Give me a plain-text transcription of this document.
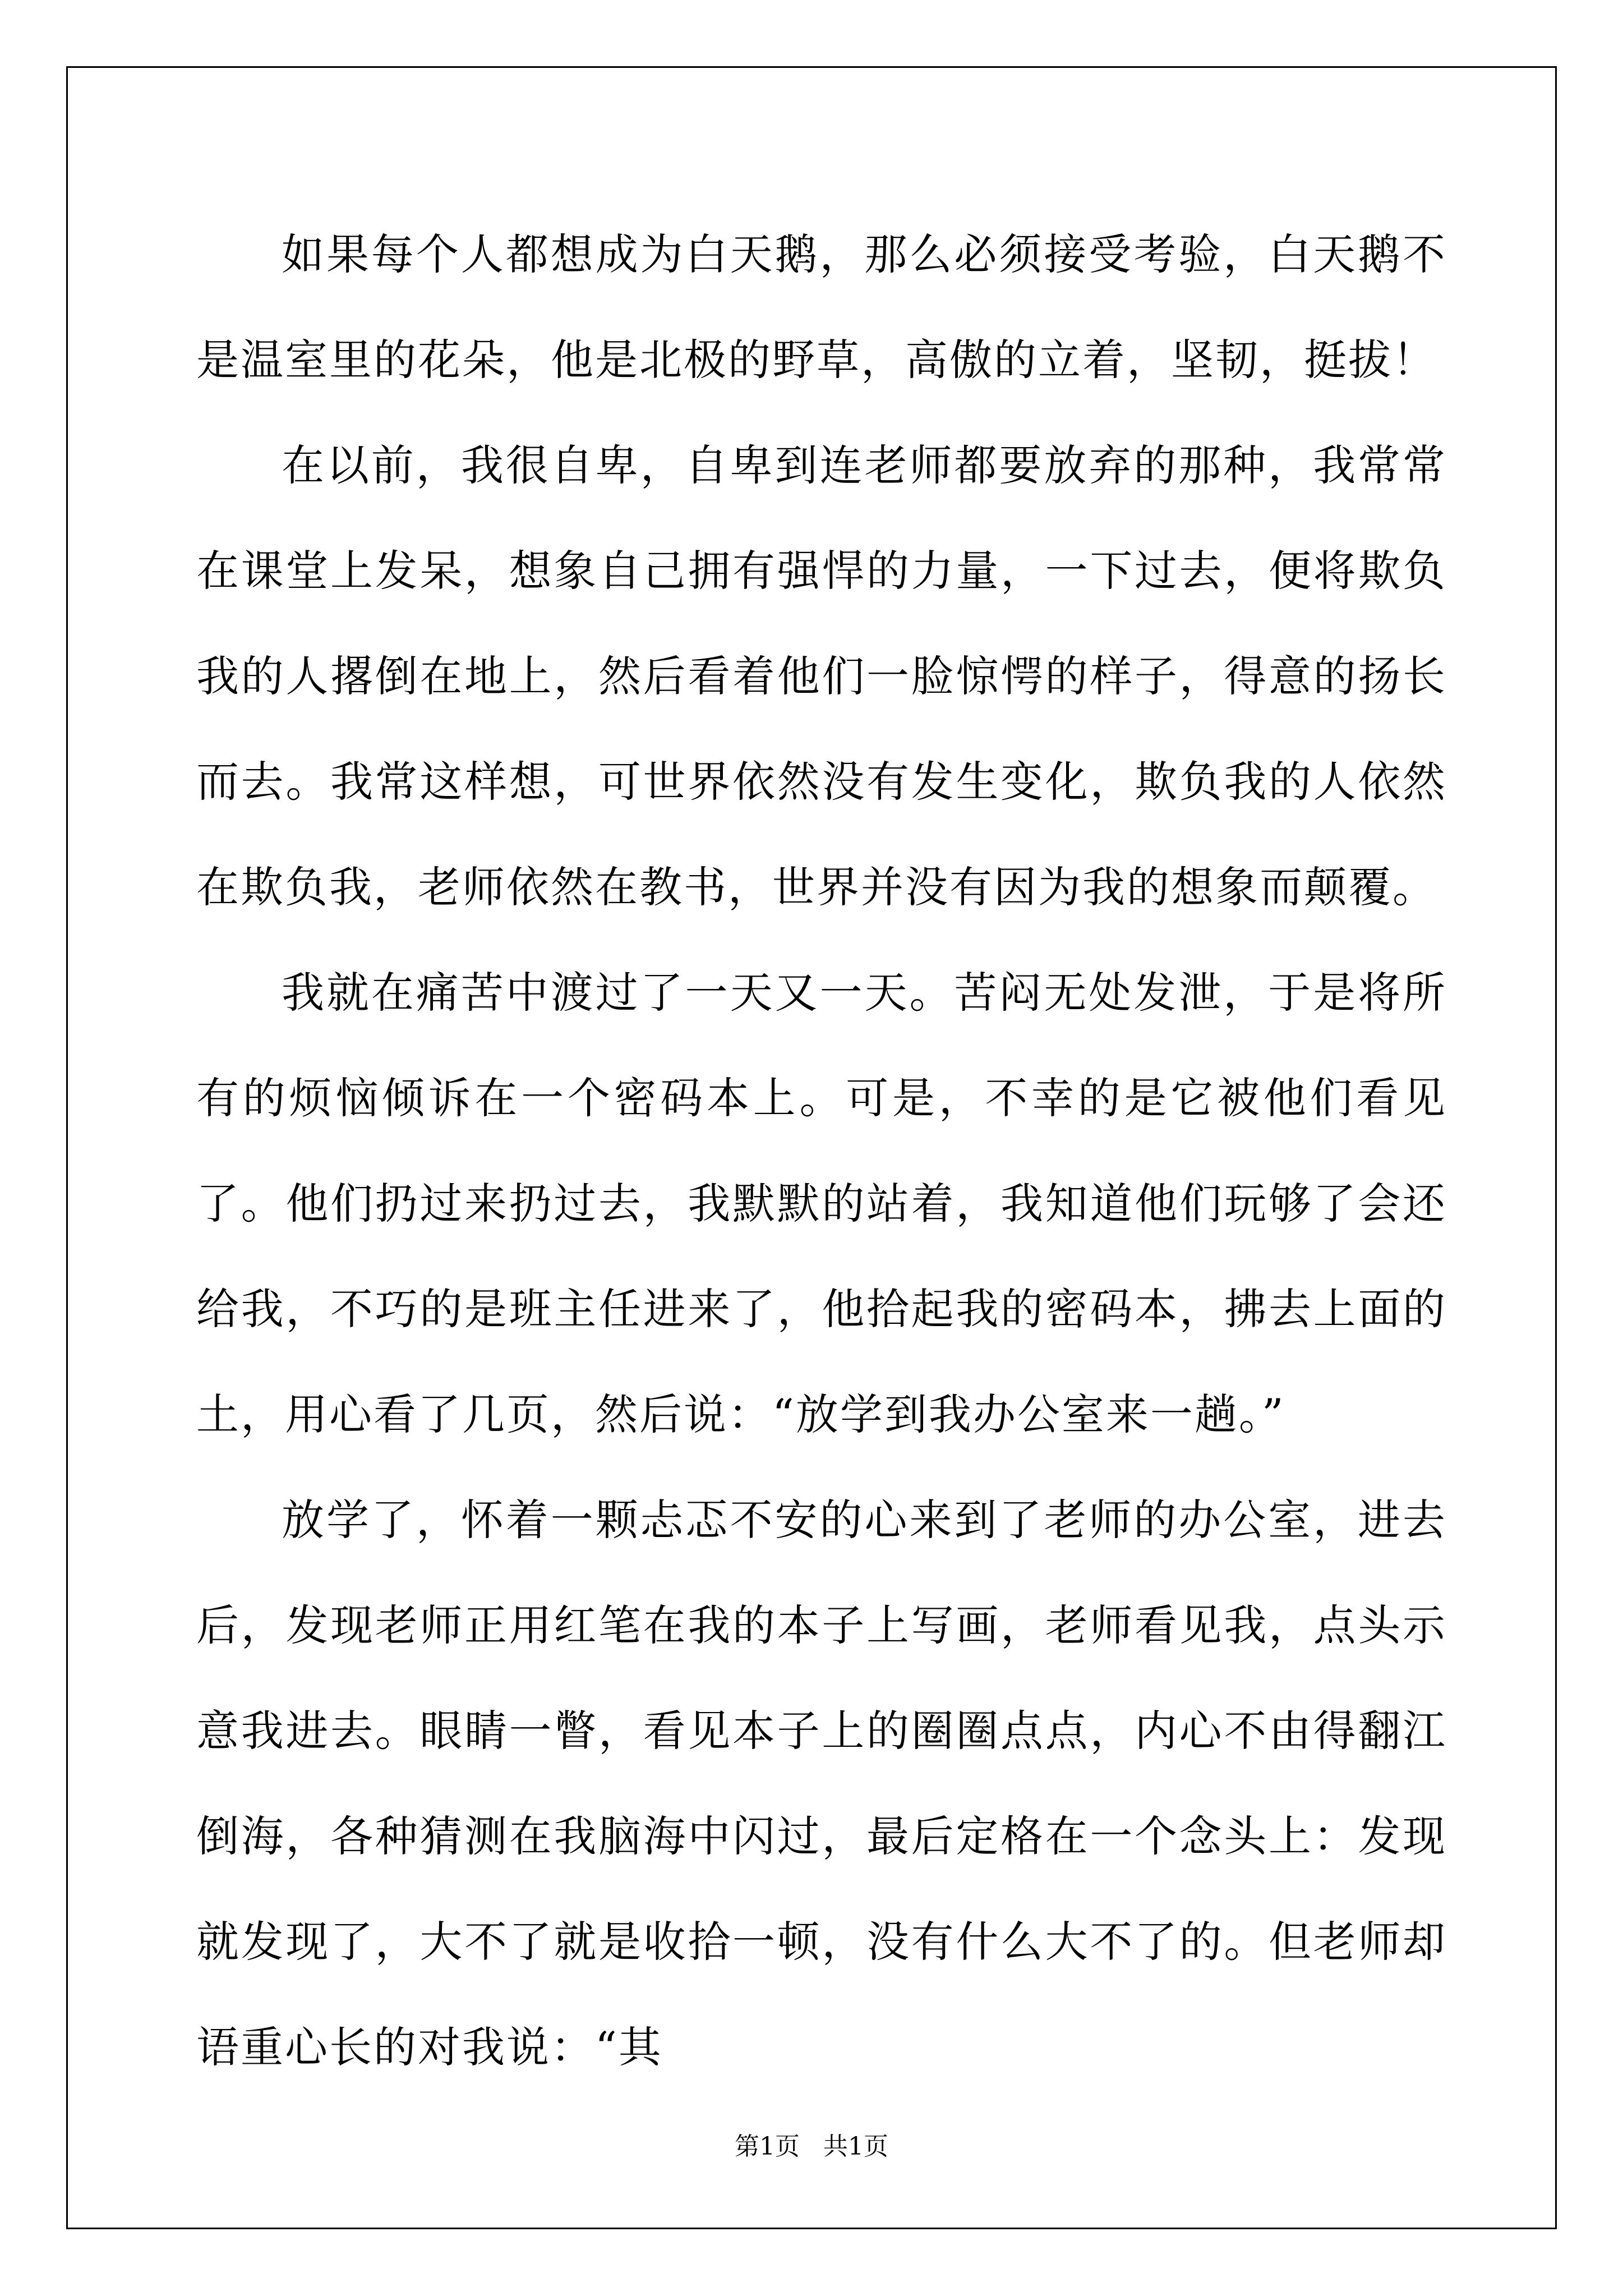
如果每个人都想成为白天鹅，那么必须接受考验，白天鹅不是温室里的花朵，他是北极的野草，高傲的立着，坚韧，挺拔！

在以前，我很自卑，自卑到连老师都要放弃的那种，我常常在课堂上发呆，想象自己拥有强悍的力量，一下过去，便将欺负我的人撂倒在地上，然后看着他们一脸惊愕的样子，得意的扬长而去。我常这样想，可世界依然没有发生变化，欺负我的人依然在欺负我，老师依然在教书，世界并没有因为我的想象而颠覆。

我就在痛苦中渡过了一天又一天。苦闷无处发泄，于是将所有的烦恼倾诉在一个密码本上。可是，不幸的是它被他们看见了。他们扔过来扔过去，我默默的站着，我知道他们玩够了会还给我，不巧的是班主任进来了，他拾起我的密码本，拂去上面的土，用心看了几页，然后说：“放学到我办公室来一趟。”

放学了，怀着一颗忐忑不安的心来到了老师的办公室，进去后，发现老师正用红笔在我的本子上写画，老师看见我，点头示意我进去。眼睛一瞥，看见本子上的圈圈点点，内心不由得翻江倒海，各种猜测在我脑海中闪过，最后定格在一个念头上：发现就发现了，大不了就是收拾一顿，没有什么大不了的。但老师却语重心长的对我说：“其

第1页 共1页
